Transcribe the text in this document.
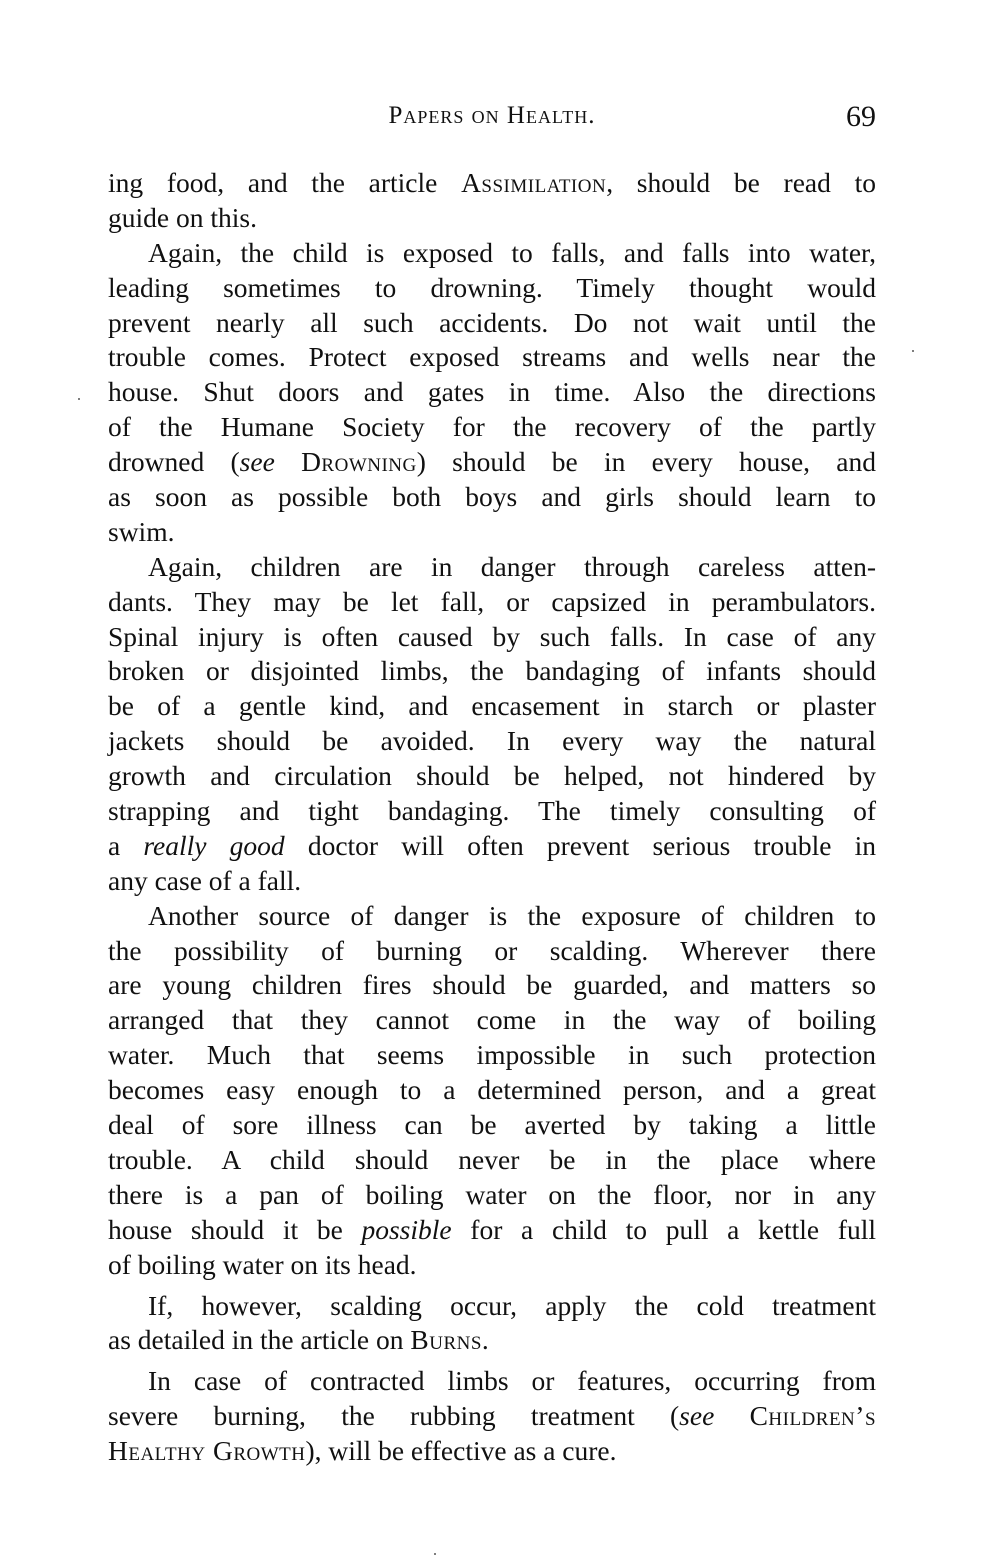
Papers on Health.	69
ing food, and the article Assimilation, should be read to
guide on this.
Again, the child is exposed to falls, and falls into water,
leading sometimes to drowning. Timely thought would
prevent nearly all such accidents. Do not wait until the
trouble comes. Protect exposed streams and wells near the
house. Shut doors and gates in time. Also the directions
of the Humane Society for the recovery of the partly
drowned (see Drowning) should be in every house, and
as soon as possible both boys and girls should learn to
swim.
Again, children are in danger through careless atten-
dants. They may be let fall, or capsized in perambulators.
Spinal injury is often caused by such falls. In case of any
broken or disjointed limbs, the bandaging of infants should
be of a gentle kind, and encasement in starch or plaster
jackets should be avoided. In every way the natural
growth and circulation should be helped, not hindered by
strapping and tight bandaging. The timely consulting of
a really good doctor will often prevent serious trouble in
any case of a fall.
Another source of danger is the exposure of children to
the possibility of burning or scalding. Wherever there
are young children fires should be guarded, and matters so
arranged that they cannot come in the way of boiling
water. Much that seems impossible in such protection
becomes easy enough to a determined person, and a great
deal of sore illness can be averted by taking a little
trouble. A child should never be in the place where
there is a pan of boiling water on the floor, nor in any
house should it be possible for a child to pull a kettle full
of boiling water on its head.
If, however, scalding occur, apply the cold treatment
as detailed in the article on Burns.
In case of contracted limbs or features, occurring from
severe burning, the rubbing treatment (see Children’s
Healthy Growth), will be effective as a cure.
